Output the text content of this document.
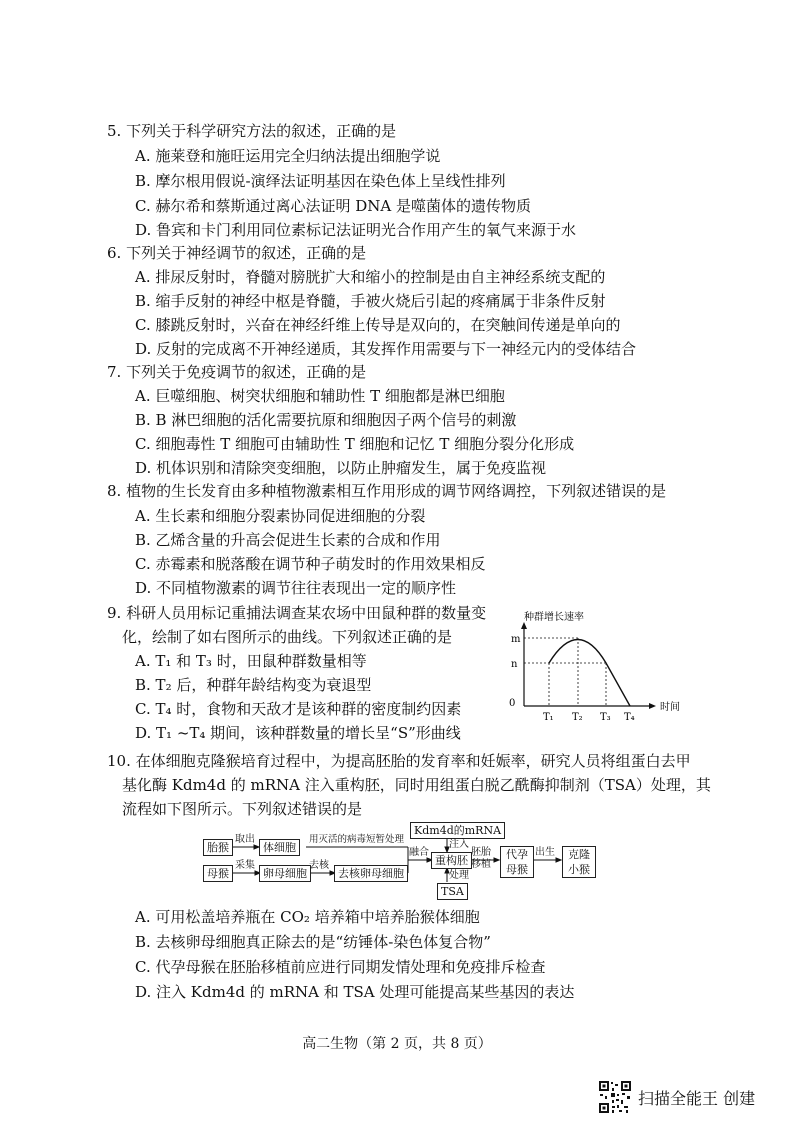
5. 下列关于科学研究方法的叙述，正确的是
A. 施莱登和施旺运用完全归纳法提出细胞学说
B. 摩尔根用假说-演绎法证明基因在染色体上呈线性排列
C. 赫尔希和蔡斯通过离心法证明 DNA 是噬菌体的遗传物质
D. 鲁宾和卡门利用同位素标记法证明光合作用产生的氧气来源于水
6. 下列关于神经调节的叙述，正确的是
A. 排尿反射时，脊髓对膀胱扩大和缩小的控制是由自主神经系统支配的
B. 缩手反射的神经中枢是脊髓，手被火烧后引起的疼痛属于非条件反射
C. 膝跳反射时，兴奋在神经纤维上传导是双向的，在突触间传递是单向的
D. 反射的完成离不开神经递质，其发挥作用需要与下一神经元内的受体结合
7. 下列关于免疫调节的叙述，正确的是
A. 巨噬细胞、树突状细胞和辅助性 T 细胞都是淋巴细胞
B. B 淋巴细胞的活化需要抗原和细胞因子两个信号的刺激
C. 细胞毒性 T 细胞可由辅助性 T 细胞和记忆 T 细胞分裂分化形成
D. 机体识别和清除突变细胞，以防止肿瘤发生，属于免疫监视
8. 植物的生长发育由多种植物激素相互作用形成的调节网络调控，下列叙述错误的是
A. 生长素和细胞分裂素协同促进细胞的分裂
B. 乙烯含量的升高会促进生长素的合成和作用
C. 赤霉素和脱落酸在调节种子萌发时的作用效果相反
D. 不同植物激素的调节往往表现出一定的顺序性
9. 科研人员用标记重捕法调查某农场中田鼠种群的数量变
化，绘制了如右图所示的曲线。下列叙述正确的是
A. T₁ 和 T₃ 时，田鼠种群数量相等
B. T₂ 后，种群年龄结构变为衰退型
C. T₄ 时，食物和天敌才是该种群的密度制约因素
D. T₁ ~T₄ 期间，该种群数量的增长呈“S”形曲线
种群增长速率
时间
m
n
0
T₁ T₂ T₃ T₄
10. 在体细胞克隆猴培育过程中，为提高胚胎的发育率和妊娠率，研究人员将组蛋白去甲
基化酶 Kdm4d 的 mRNA 注入重构胚，同时用组蛋白脱乙酰酶抑制剂（TSA）处理，其
流程如下图所示。下列叙述错误的是
胎猴
取出
体细胞
用灭活的病毒短暂处理
母猴
采集
卵母细胞
去核
去核卵母细胞
融合
Kdm4d的mRNA
注入
重构胚
处理
TSA
胚胎移植
代孕母猴
出生	克隆小猴
A. 可用松盖培养瓶在 CO₂ 培养箱中培养胎猴体细胞
B. 去核卵母细胞真正除去的是“纺锤体-染色体复合物”
C. 代孕母猴在胚胎移植前应进行同期发情处理和免疫排斥检查
D. 注入 Kdm4d 的 mRNA 和 TSA 处理可能提高某些基因的表达
高二生物（第 2 页，共 8 页）
扫描全能王 创建
